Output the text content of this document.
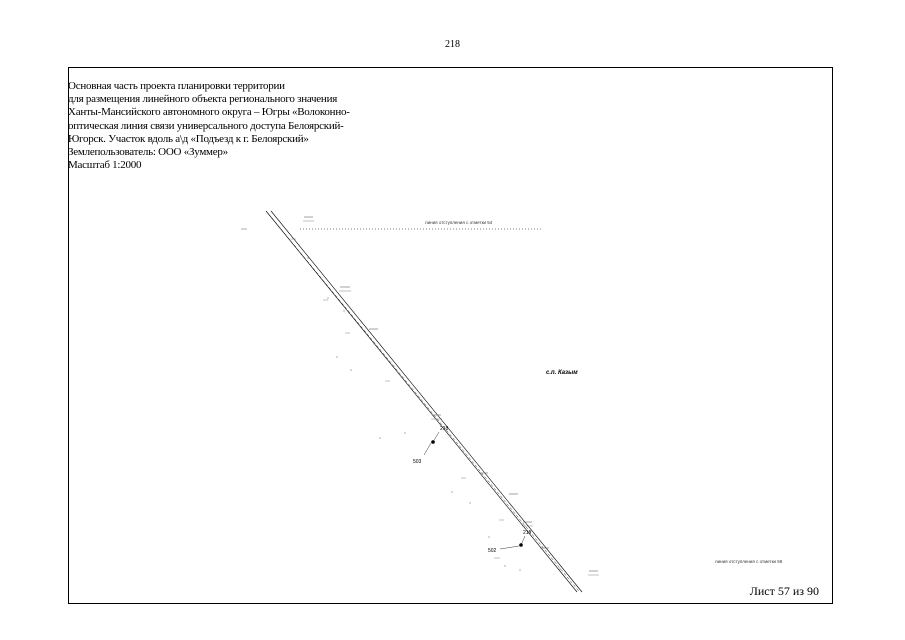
218
Основная часть проекта планировки территории
для размещения линейного объекта регионального значения
Ханты-Мансийского автономного округа – Югры «Волоконно-
оптическая линия связи универсального доступа Белоярский-
Югорск. Участок вдоль а\д «Подъезд к г. Белоярский»
Землепользователь: ООО «Зуммер»
Масштаб 1:2000
линия отступления с отметки 54
линия отступления с отметки 59
с.п. Казым
218
503
219
502
Лист 57 из 90
